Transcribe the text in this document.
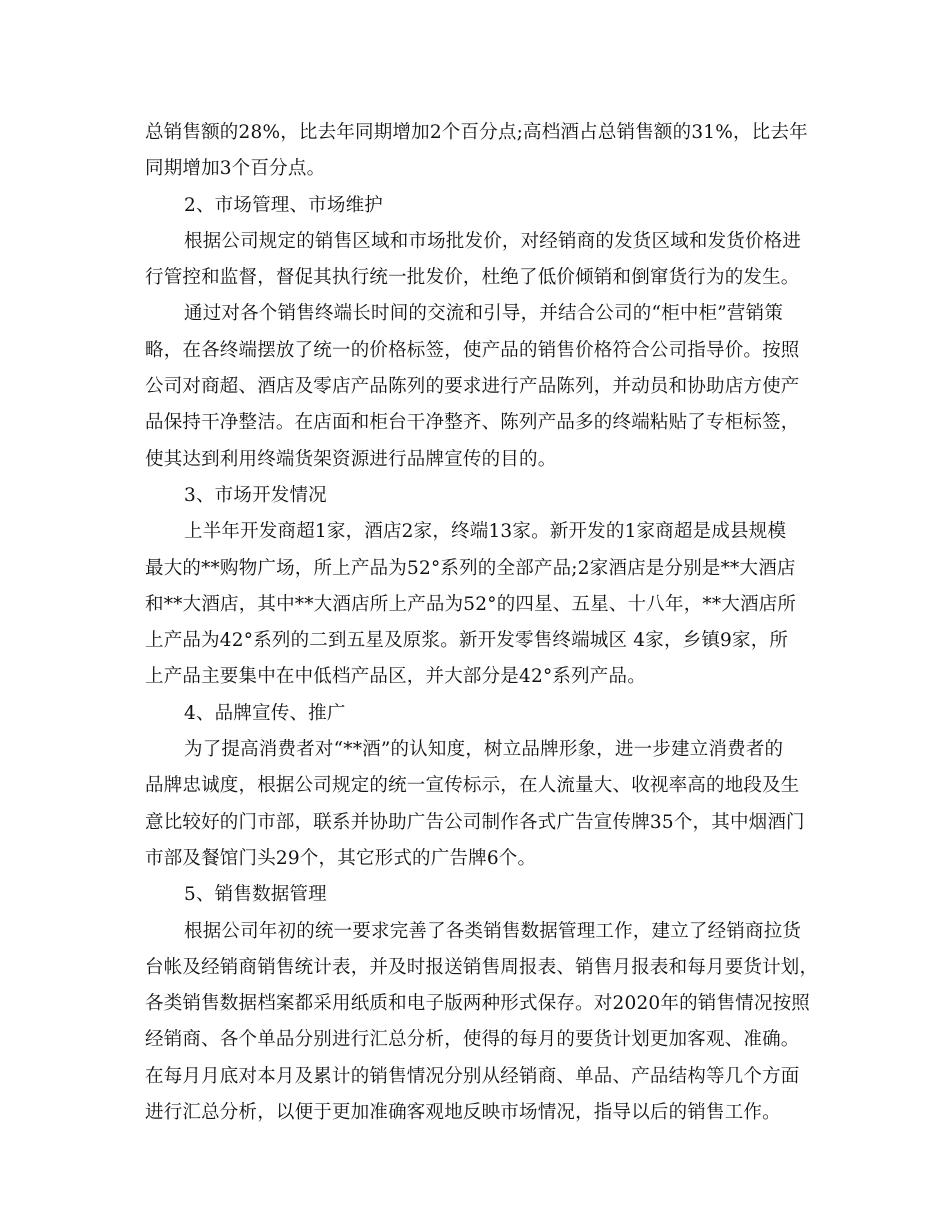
总销售额的28%，比去年同期增加2个百分点;高档酒占总销售额的31%，比去年
同期增加3个百分点。
2、市场管理、市场维护
根据公司规定的销售区域和市场批发价，对经销商的发货区域和发货价格进
行管控和监督，督促其执行统一批发价，杜绝了低价倾销和倒窜货行为的发生。
通过对各个销售终端长时间的交流和引导，并结合公司的“柜中柜”营销策
略，在各终端摆放了统一的价格标签，使产品的销售价格符合公司指导价。按照
公司对商超、酒店及零店产品陈列的要求进行产品陈列，并动员和协助店方使产
品保持干净整洁。在店面和柜台干净整齐、陈列产品多的终端粘贴了专柜标签，
使其达到利用终端货架资源进行品牌宣传的目的。
3、市场开发情况
上半年开发商超1家，酒店2家，终端13家。新开发的1家商超是成县规模
最大的**购物广场，所上产品为52°系列的全部产品;2家酒店是分别是**大酒店
和**大酒店，其中**大酒店所上产品为52°的四星、五星、十八年，**大酒店所
上产品为42°系列的二到五星及原浆。新开发零售终端城区 4家，乡镇9家，所
上产品主要集中在中低档产品区，并大部分是42°系列产品。
4、品牌宣传、推广
为了提高消费者对“**酒”的认知度，树立品牌形象，进一步建立消费者的
品牌忠诚度，根据公司规定的统一宣传标示，在人流量大、收视率高的地段及生
意比较好的门市部，联系并协助广告公司制作各式广告宣传牌35个，其中烟酒门
市部及餐馆门头29个，其它形式的广告牌6个。
5、销售数据管理
根据公司年初的统一要求完善了各类销售数据管理工作，建立了经销商拉货
台帐及经销商销售统计表，并及时报送销售周报表、销售月报表和每月要货计划，
各类销售数据档案都采用纸质和电子版两种形式保存。对2020年的销售情况按照
经销商、各个单品分别进行汇总分析，使得的每月的要货计划更加客观、准确。
在每月月底对本月及累计的销售情况分别从经销商、单品、产品结构等几个方面
进行汇总分析，以便于更加准确客观地反映市场情况，指导以后的销售工作。
